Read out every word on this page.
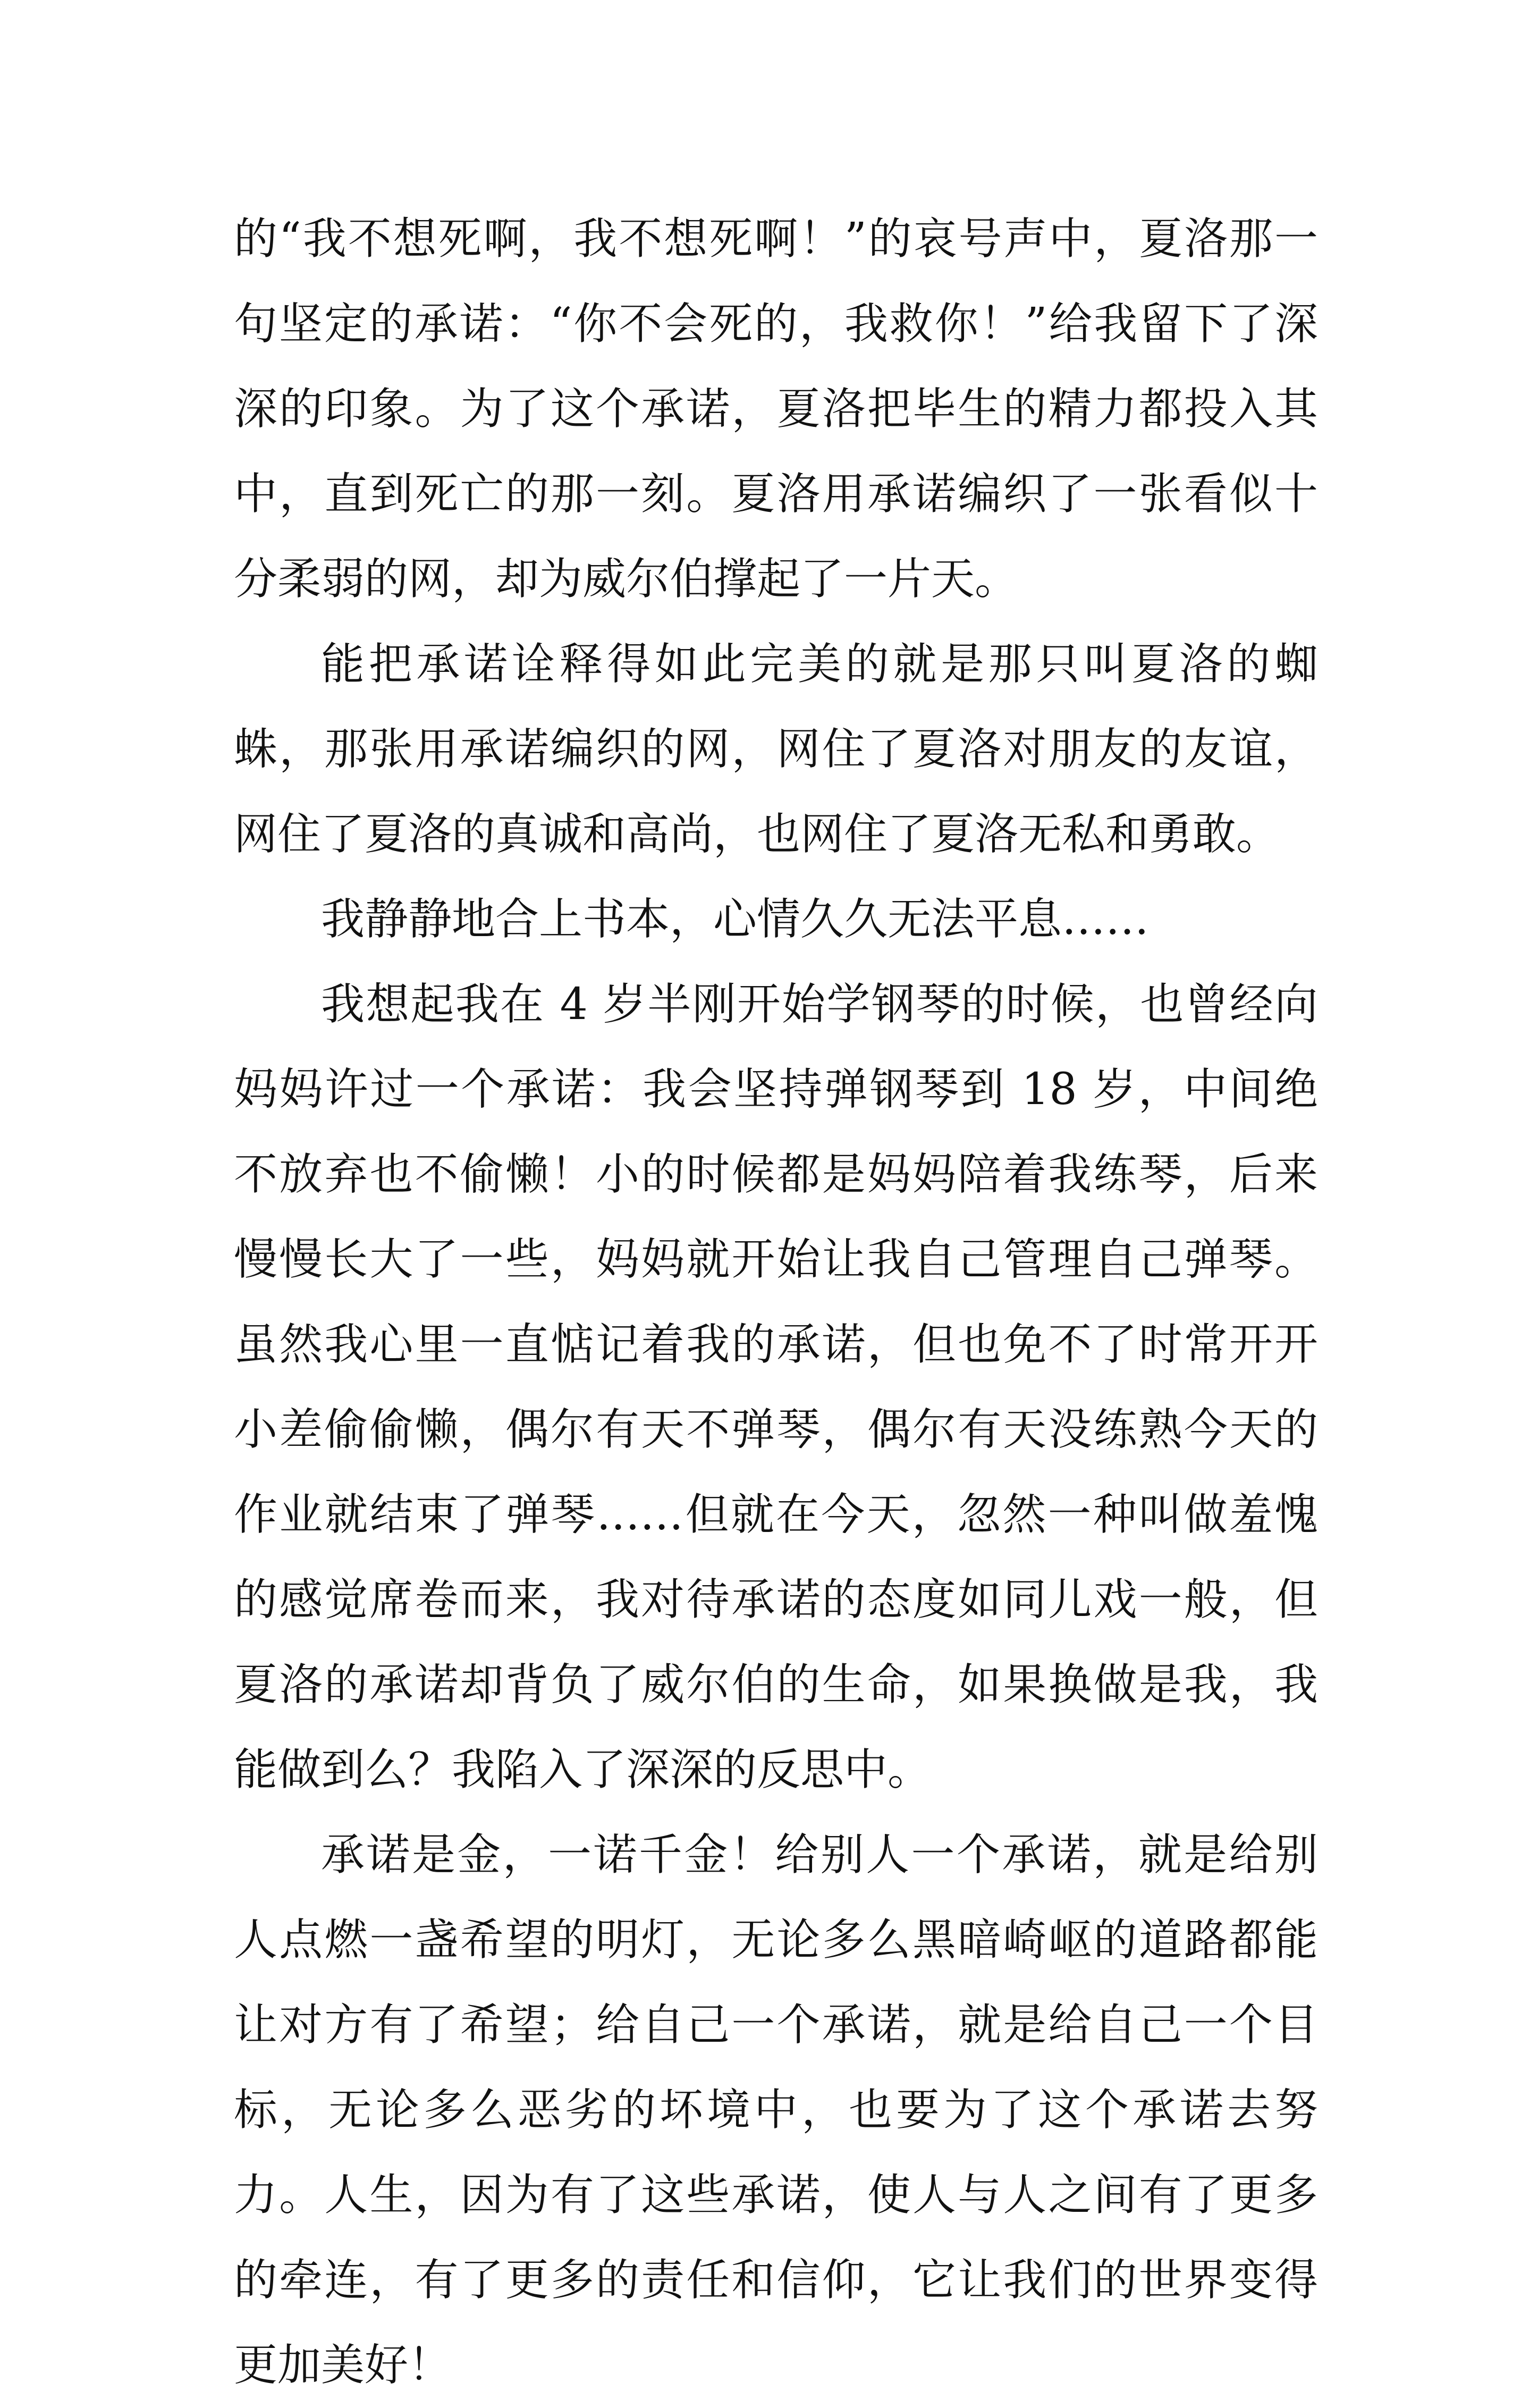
的“我不想死啊，我不想死啊！”的哀号声中，夏洛那一句坚定的承诺：“你不会死的，我救你！”给我留下了深深的印象。为了这个承诺，夏洛把毕生的精力都投入其中，直到死亡的那一刻。夏洛用承诺编织了一张看似十分柔弱的网，却为威尔伯撑起了一片天。

能把承诺诠释得如此完美的就是那只叫夏洛的蜘蛛，那张用承诺编织的网，网住了夏洛对朋友的友谊，网住了夏洛的真诚和高尚，也网住了夏洛无私和勇敢。

我静静地合上书本，心情久久无法平息……

我想起我在 4 岁半刚开始学钢琴的时候，也曾经向妈妈许过一个承诺：我会坚持弹钢琴到 18 岁，中间绝不放弃也不偷懒！小的时候都是妈妈陪着我练琴，后来慢慢长大了一些，妈妈就开始让我自己管理自己弹琴。虽然我心里一直惦记着我的承诺，但也免不了时常开开小差偷偷懒，偶尔有天不弹琴，偶尔有天没练熟今天的作业就结束了弹琴……但就在今天，忽然一种叫做羞愧的感觉席卷而来，我对待承诺的态度如同儿戏一般，但夏洛的承诺却背负了威尔伯的生命，如果换做是我，我能做到么？我陷入了深深的反思中。

承诺是金，一诺千金！给别人一个承诺，就是给别人点燃一盏希望的明灯，无论多么黑暗崎岖的道路都能让对方有了希望；给自己一个承诺，就是给自己一个目标，无论多么恶劣的坏境中，也要为了这个承诺去努力。人生，因为有了这些承诺，使人与人之间有了更多的牵连，有了更多的责任和信仰，它让我们的世界变得更加美好！
